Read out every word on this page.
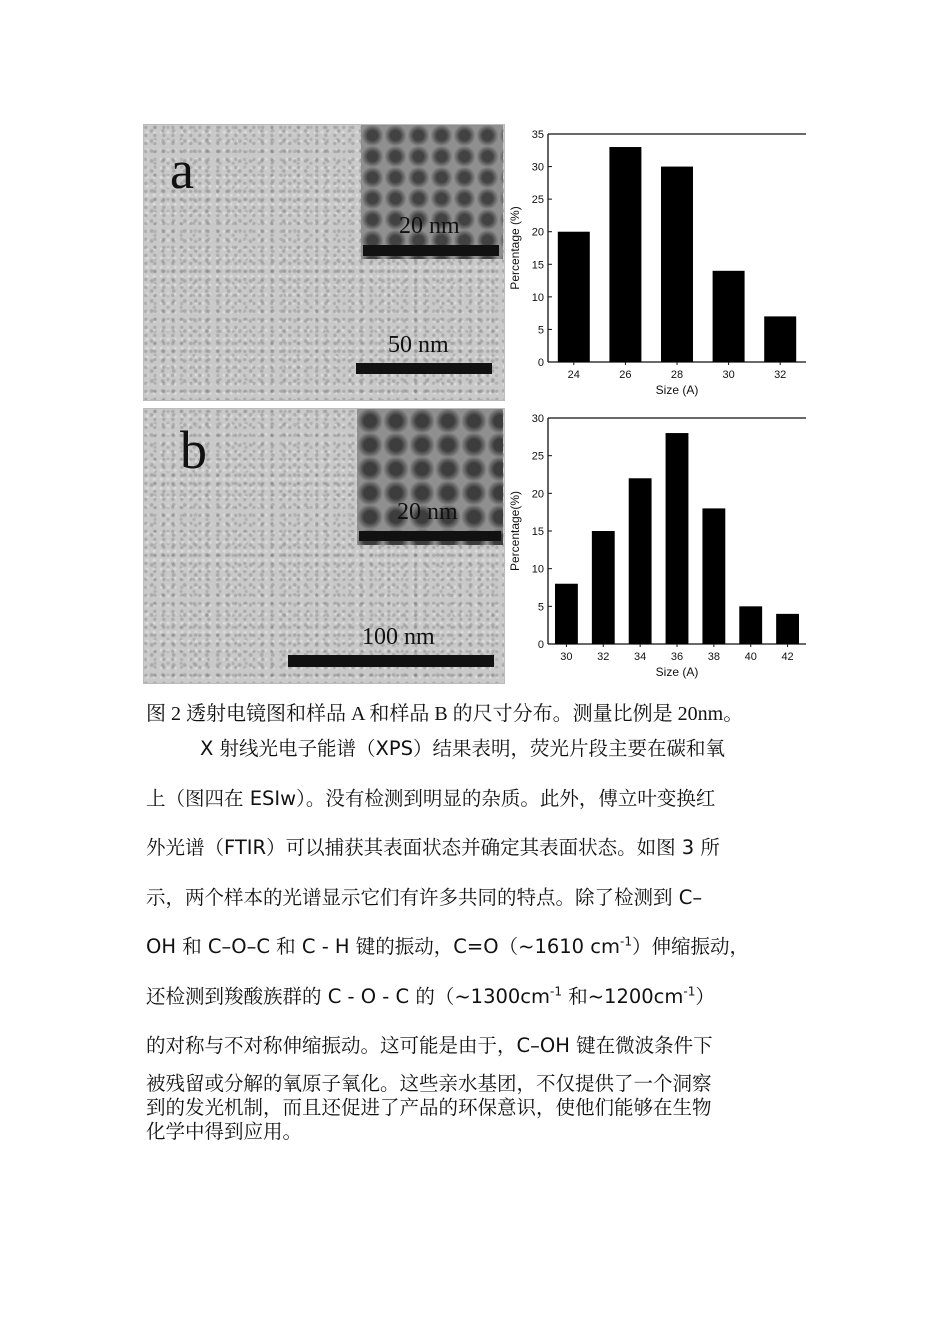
a
20 nm
50 nm
b
20 nm
100 nm
0
5
10
15
20
25
30
35
24	26	28	30	32
Size (A)
Percentage (%)
0
5
10
15
20
25
30
30 32 34 36 38 40 42
Size (A)
Percentage(%)
图 2 透射电镜图和样品 A 和样品 B 的尺寸分布。测量比例是 20nm。
X 射线光电子能谱（XPS）结果表明，荧光片段主要在碳和氧
上（图四在 ESIw）。没有检测到明显的杂质。此外，傅立叶变换红
外光谱（FTIR）可以捕获其表面状态并确定其表面状态。如图 3 所
示，两个样本的光谱显示它们有许多共同的特点。除了检测到 C–
OH 和 C–O–C 和 C - H 键的振动，C=O（~1610 $cm^{-1}$）伸缩振动，
还检测到羧酸族群的 C - O - C 的（$\sim 1300cm^{-1}$ 和$\sim 1200cm^{-1}$）
的对称与不对称伸缩振动。这可能是由于，C–OH 键在微波条件下
被残留或分解的氧原子氧化。这些亲水基团，不仅提供了一个洞察
到的发光机制，而且还促进了产品的环保意识，使他们能够在生物
化学中得到应用。
